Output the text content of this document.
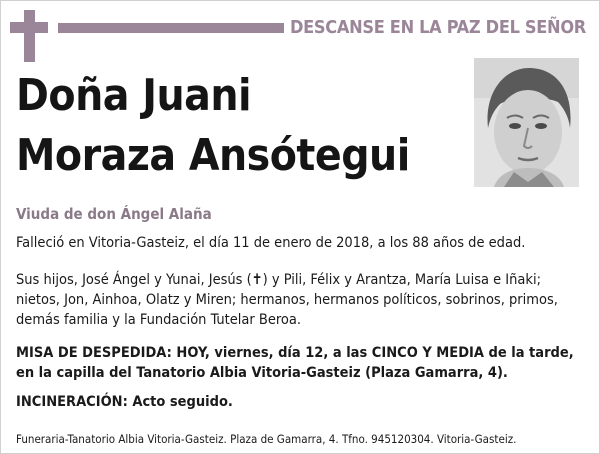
DESCANSE EN LA PAZ DEL SEÑOR
Doña Juani
Moraza Ansótegui
Viuda de don Ángel Alaña
Falleció en Vitoria-Gasteiz, el día 11 de enero de 2018, a los 88 años de edad.
Sus hijos, José Ángel y Yunai, Jesús (✝) y Pili, Félix y Arantza, María Luisa e Iñaki; nietos, Jon, Ainhoa, Olatz y Miren; hermanos, hermanos políticos, sobrinos, primos, demás familia y la Fundación Tutelar Beroa.
MISA DE DESPEDIDA: HOY, viernes, día 12, a las CINCO Y MEDIA de la tarde, en la capilla del Tanatorio Albia Vitoria-Gasteiz (Plaza Gamarra, 4).
INCINERACIÓN: Acto seguido.
Funeraria-Tanatorio Albia Vitoria-Gasteiz. Plaza de Gamarra, 4. Tfno. 945120304. Vitoria-Gasteiz.
